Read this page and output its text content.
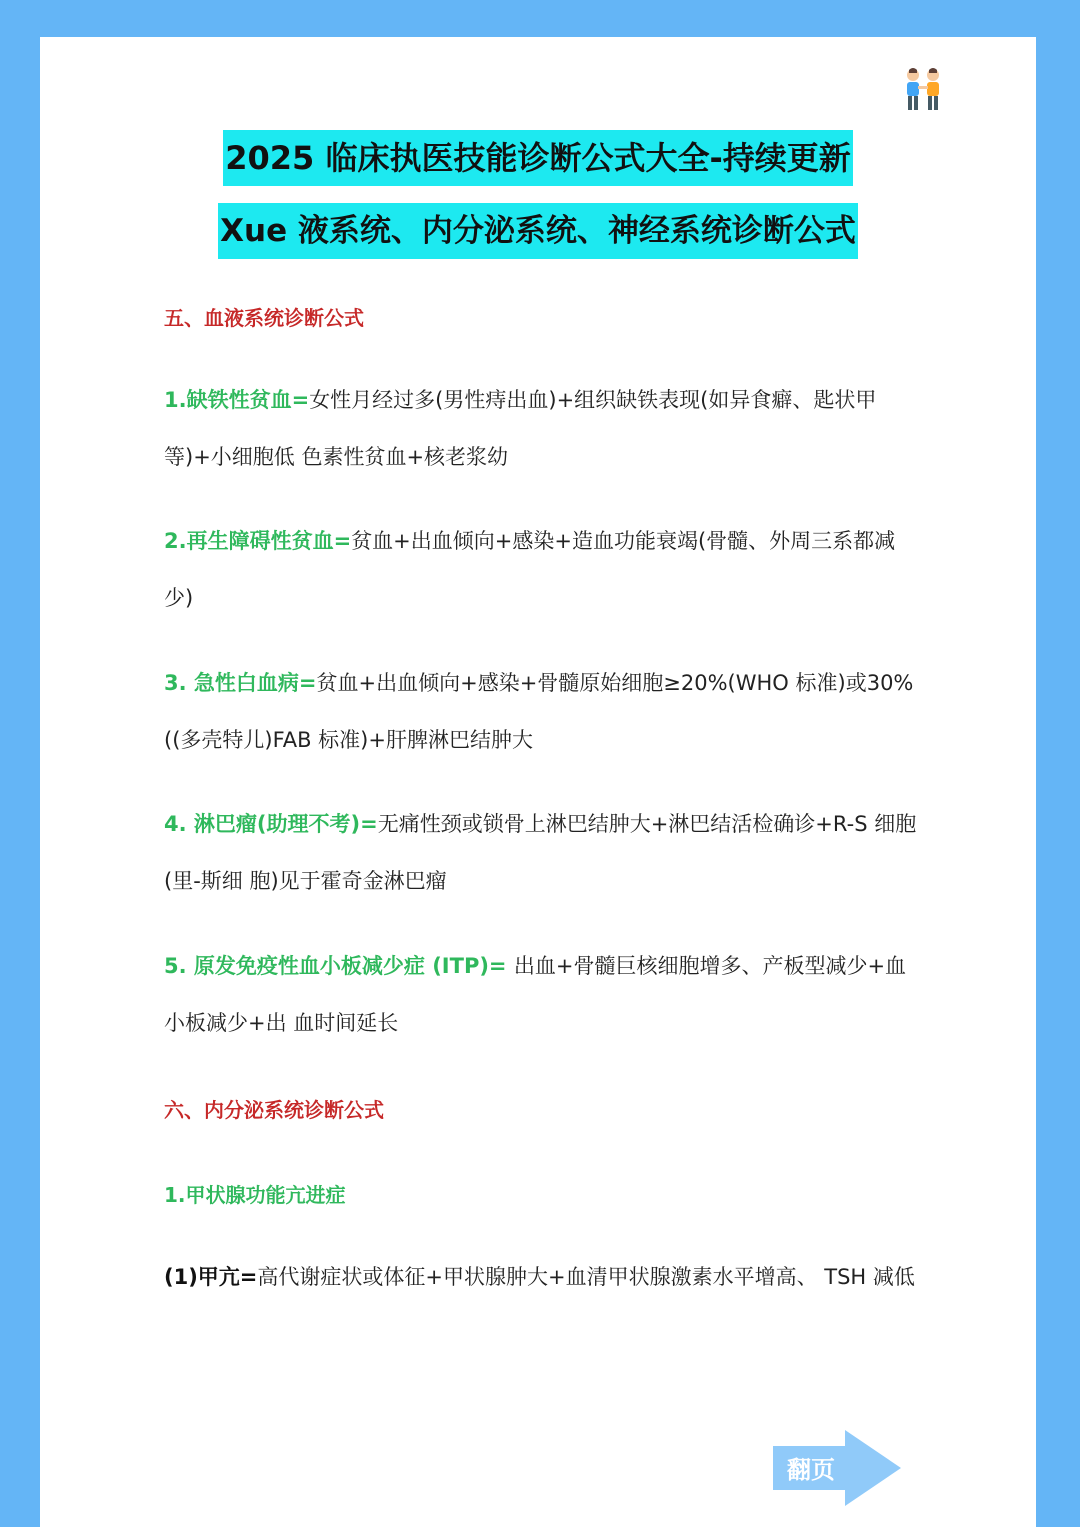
2025 临床执医技能诊断公式大全-持续更新
Xue 液系统、内分泌系统、神经系统诊断公式
五、血液系统诊断公式
1.缺铁性贫血=女性月经过多(男性痔出血)+组织缺铁表现(如异食癖、匙状甲等)+小细胞低 色素性贫血+核老浆幼
2.再生障碍性贫血=贫血+出血倾向+感染+造血功能衰竭(骨髓、外周三系都减少)
3. 急性白血病=贫血+出血倾向+感染+骨髓原始细胞≥20%(WHO 标准)或30%((多壳特儿)FAB 标准)+肝脾淋巴结肿大
4. 淋巴瘤(助理不考)=无痛性颈或锁骨上淋巴结肿大+淋巴结活检确诊+R-S 细胞(里-斯细 胞)见于霍奇金淋巴瘤
5. 原发免疫性血小板减少症 (ITP)= 出血+骨髓巨核细胞增多、产板型减少+血小板减少+出 血时间延长
六、内分泌系统诊断公式
1.甲状腺功能亢进症
(1)甲亢=高代谢症状或体征+甲状腺肿大+血清甲状腺激素水平增高、 TSH 减低
翻页
